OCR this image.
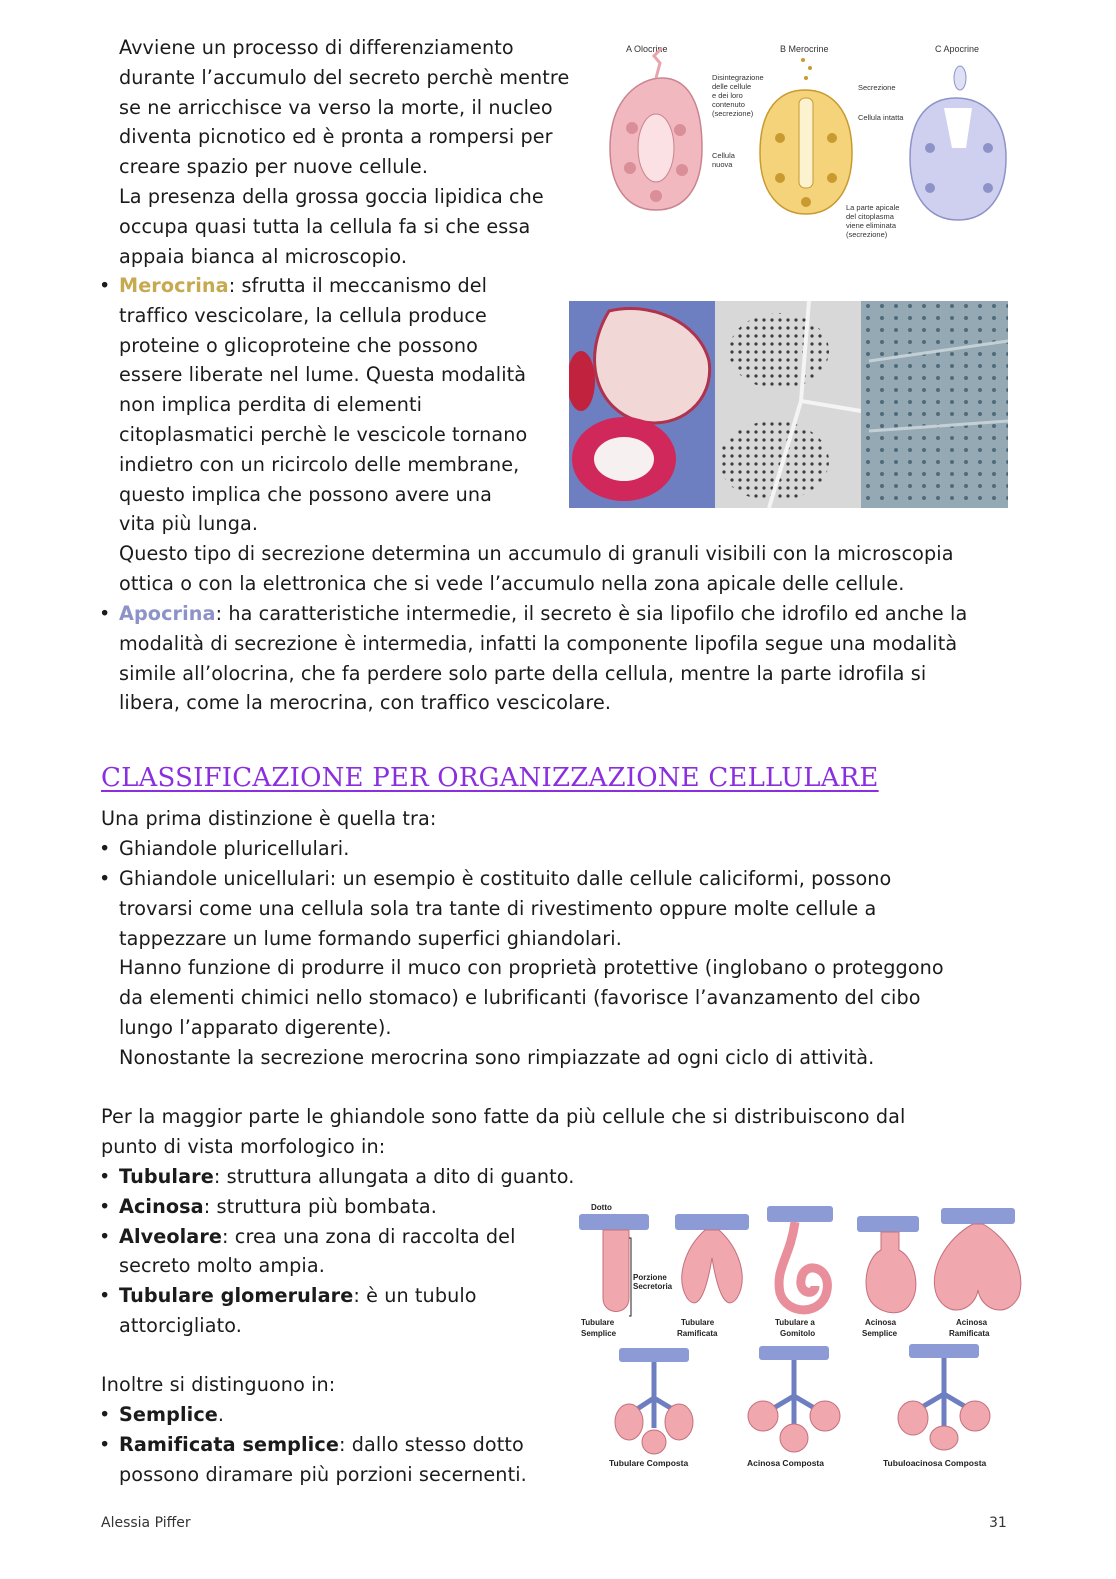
Avviene un processo di differenziamento
durante l’accumulo del secreto perchè mentre
se ne arricchisce va verso la morte, il nucleo
diventa picnotico ed è pronta a rompersi per
creare spazio per nuove cellule.
La presenza della grossa goccia lipidica che
occupa quasi tutta la cellula fa si che essa
appaia bianca al microscopio.
• Merocrina: sfrutta il meccanismo del
traffico vescicolare, la cellula produce
proteine o glicoproteine che possono
essere liberate nel lume. Questa modalità
non implica perdita di elementi
citoplasmatici perchè le vescicole tornano
indietro con un ricircolo delle membrane,
questo implica che possono avere una
vita più lunga.
Questo tipo di secrezione determina un accumulo di granuli visibili con la microscopia
ottica o con la elettronica che si vede l’accumulo nella zona apicale delle cellule.
• Apocrina: ha caratteristiche intermedie, il secreto è sia lipofilo che idrofilo ed anche la
modalità di secrezione è intermedia, infatti la componente lipofila segue una modalità
simile all’olocrina, che fa perdere solo parte della cellula, mentre la parte idrofila si
libera, come la merocrina, con traffico vescicolare.
CLASSIFICAZIONE PER ORGANIZZAZIONE CELLULARE
Una prima distinzione è quella tra:
• Ghiandole pluricellulari.
• Ghiandole unicellulari: un esempio è costituito dalle cellule caliciformi, possono
trovarsi come una cellula sola tra tante di rivestimento oppure molte cellule a
tappezzare un lume formando superfici ghiandolari.
Hanno funzione di produrre il muco con proprietà protettive (inglobano o proteggono
da elementi chimici nello stomaco) e lubrificanti (favorisce l’avanzamento del cibo
lungo l’apparato digerente).
Nonostante la secrezione merocrina sono rimpiazzate ad ogni ciclo di attività.
Per la maggior parte le ghiandole sono fatte da più cellule che si distribuiscono dal
punto di vista morfologico in:
• Tubulare: struttura allungata a dito di guanto.
• Acinosa: struttura più bombata.
• Alveolare: crea una zona di raccolta del
secreto molto ampia.
• Tubulare glomerulare: è un tubulo
attorcigliato.
Inoltre si distinguono in:
• Semplice.
• Ramificata semplice: dallo stesso dotto
possono diramare più porzioni secernenti.
A Olocrine	B Merocrine	C Apocrine
Disintegrazione
delle cellule
e dei loro
contenuto
(secrezione)
Cellula
nuova
Secrezione
Cellula intatta
La parte apicale
del citoplasma
viene eliminata
(secrezione)
Dotto
Porzione
Secretoria
Tubulare
Semplice
Tubulare
Ramificata
Tubulare a
Gomitolo
Acinosa
Semplice
Acinosa
Ramificata
Tubulare Composta	Acinosa Composta	Tubuloacinosa Composta
Alessia Piffer	31
